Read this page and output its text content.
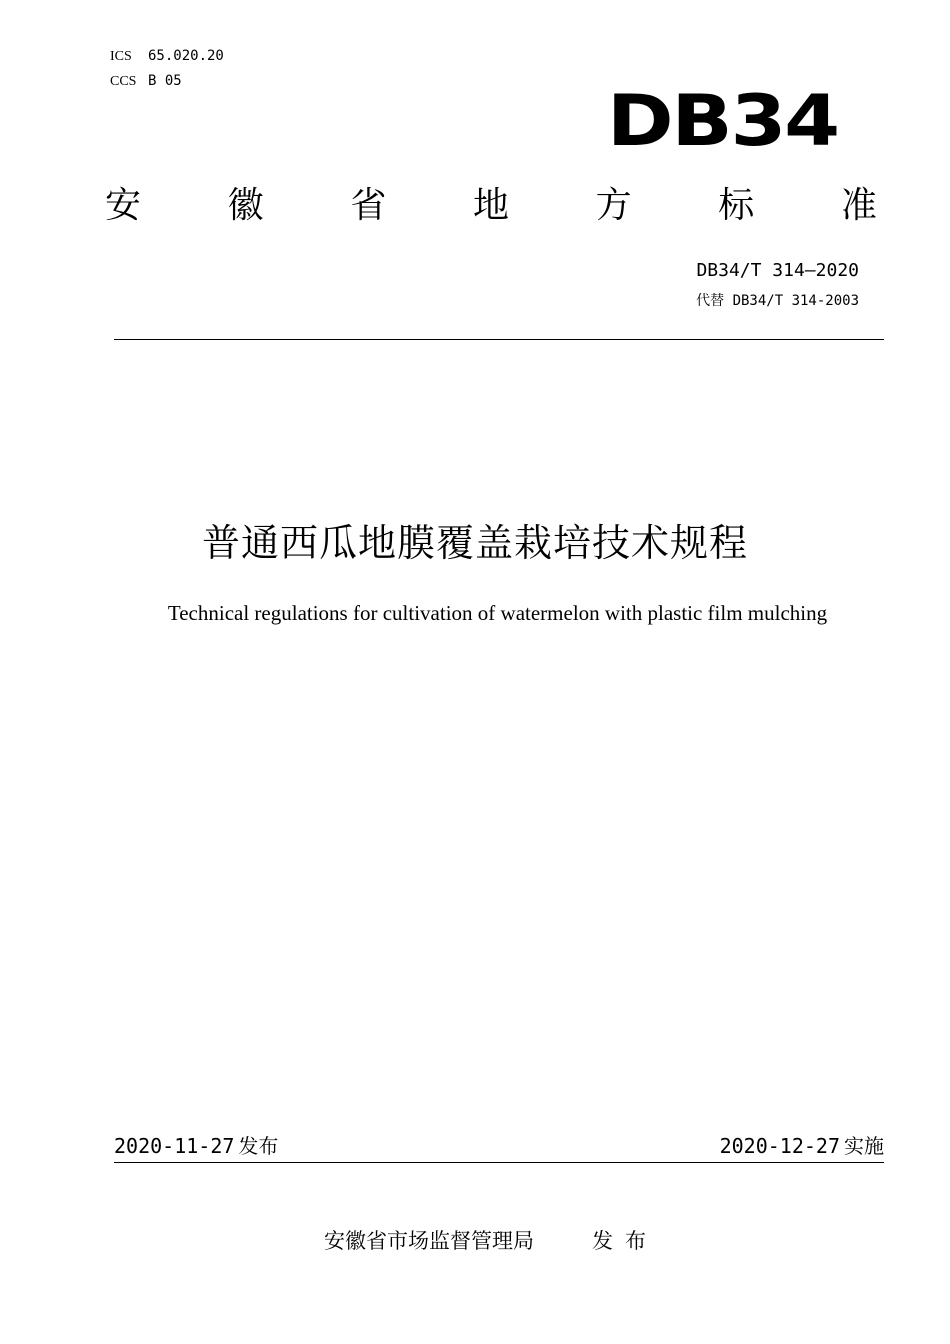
ICS 65.020.20
CCS B 05	DB34
安 徽 省 地 方 标 准
DB34/T 314—2020
代替 DB34/T 314-2003
普通西瓜地膜覆盖栽培技术规程
Technical regulations for cultivation of watermelon with plastic film mulching
2020-11-27 发布	2020-12-27 实施
安徽省市场监督管理局	发布
